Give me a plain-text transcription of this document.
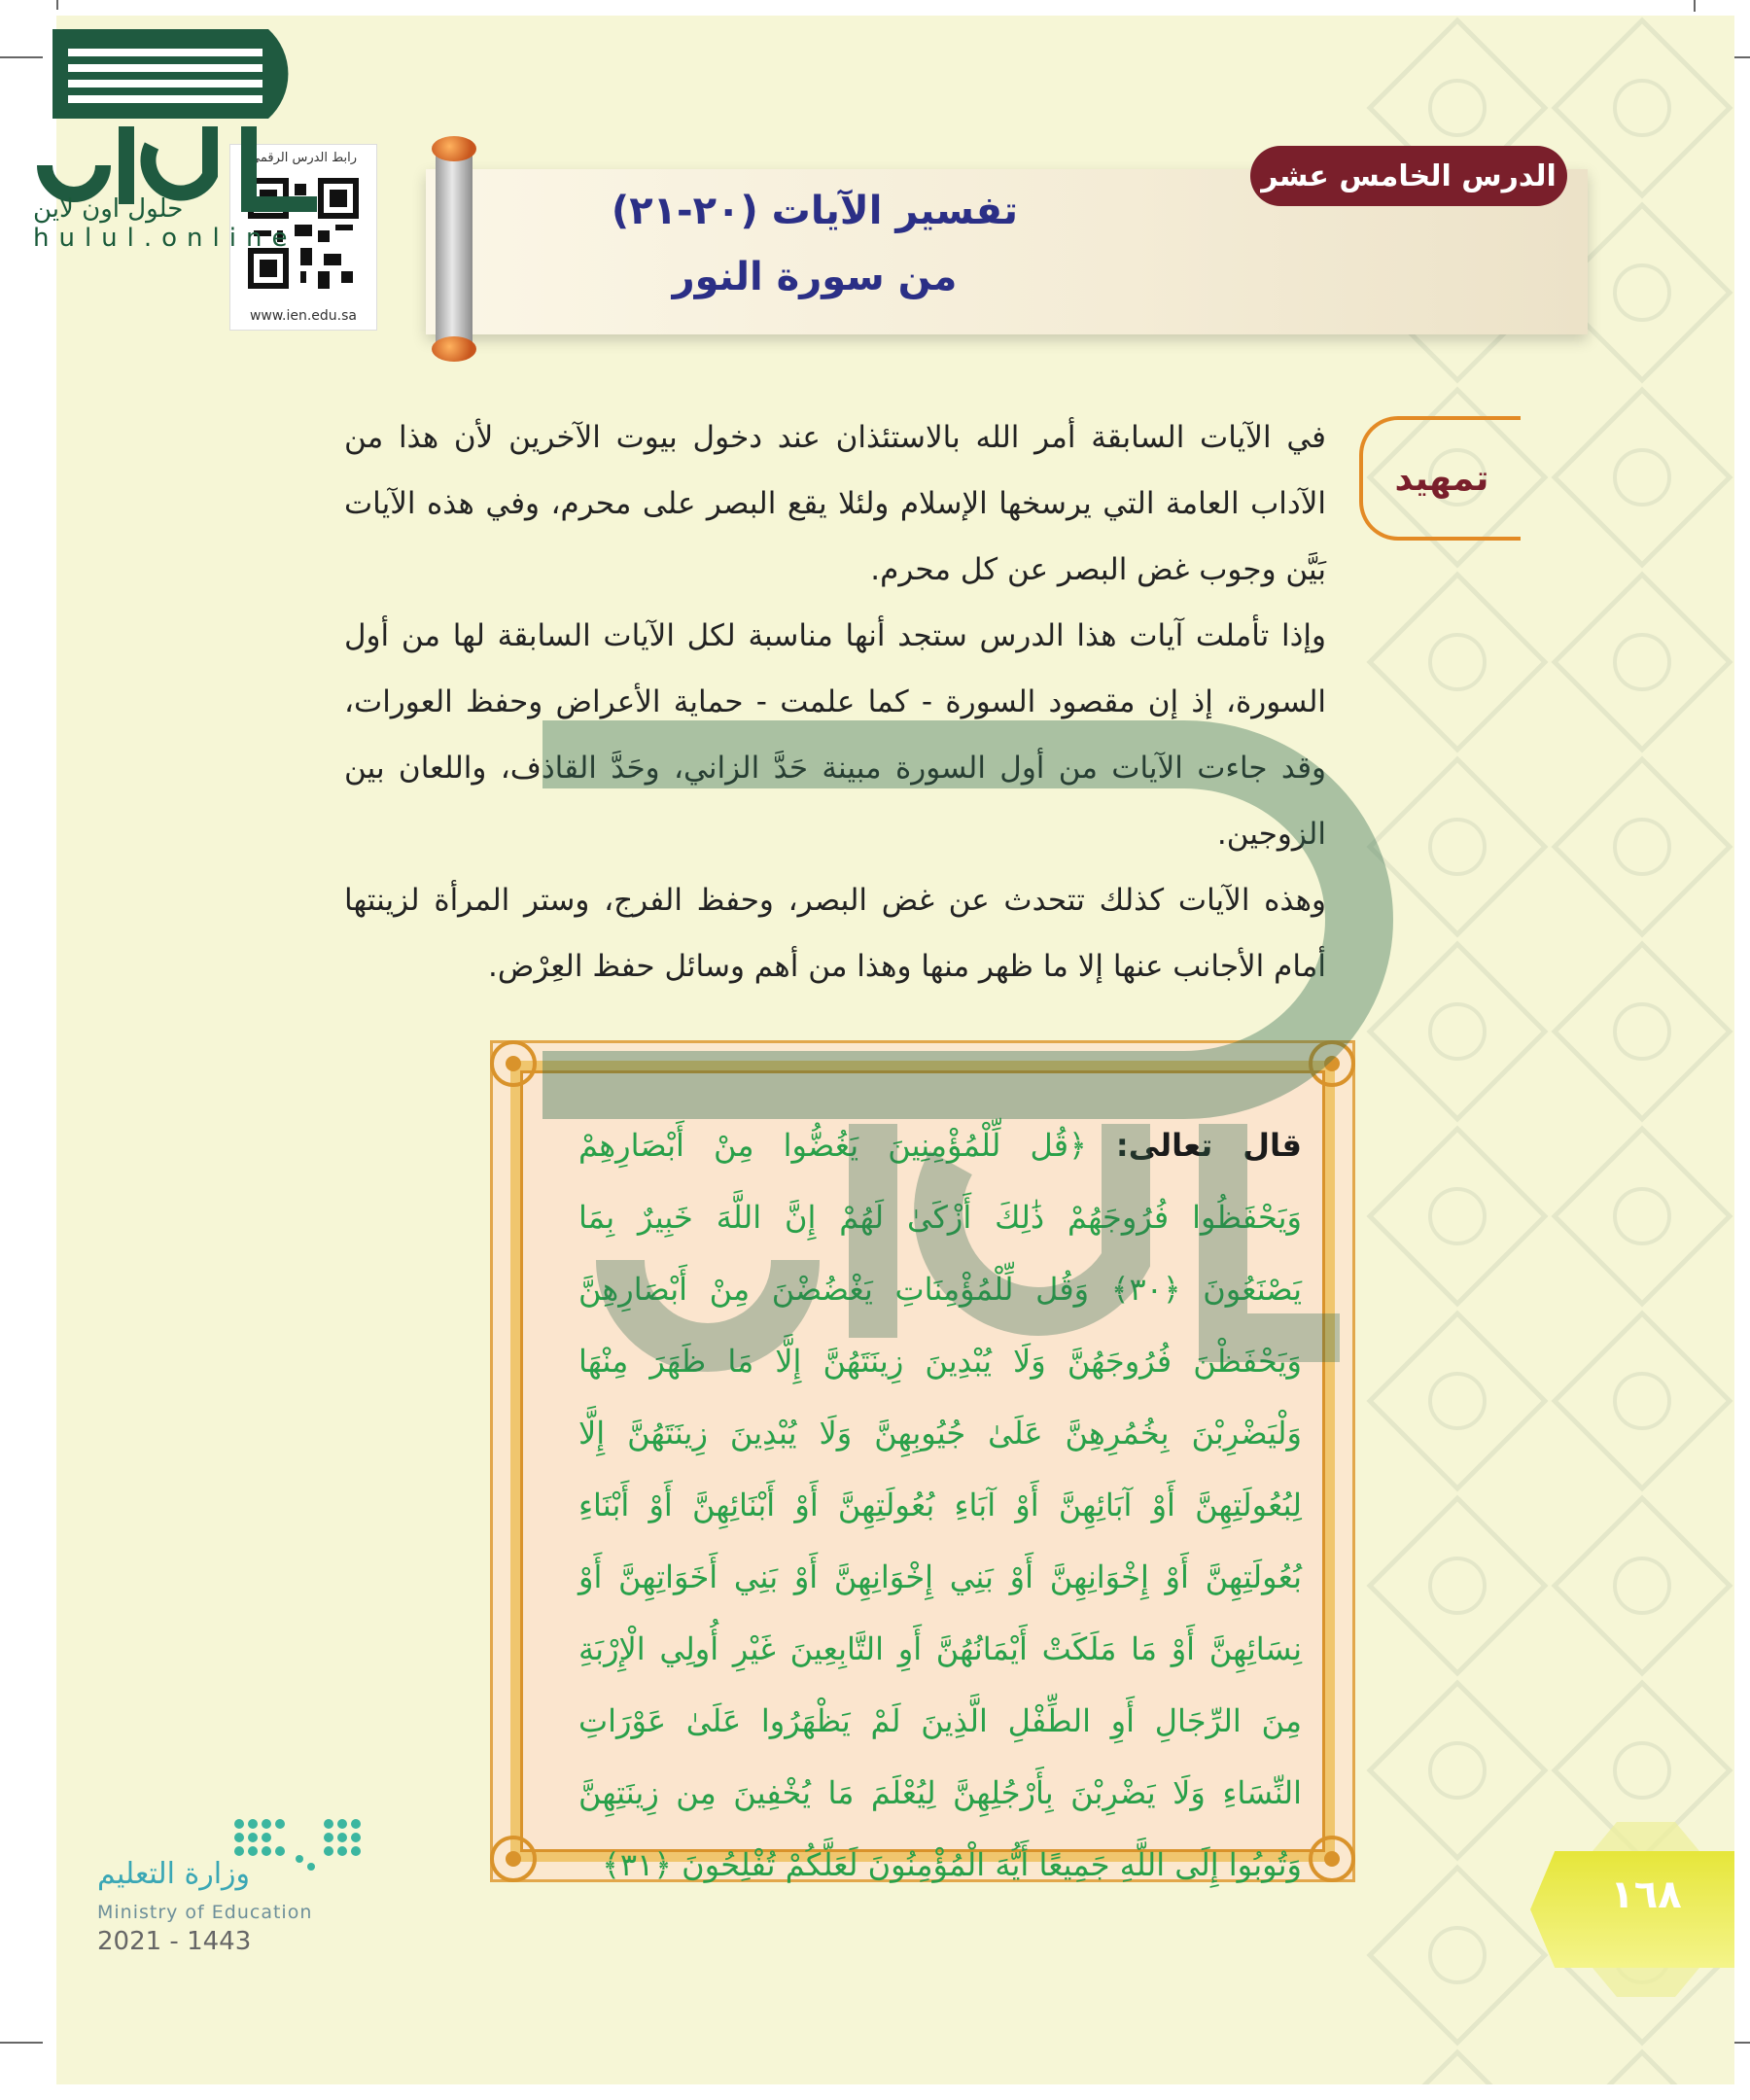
الدرس الخامس عشر
تفسير الآيات (٢٠-٢١)
من سورة النور
رابط الدرس الرقمي
www.ien.edu.sa
تمهيد

في الآيات السابقة أمر الله بالاستئذان عند دخول بيوت الآخرين لأن هذا من الآداب العامة التي يرسخها الإسلام ولئلا يقع البصر على محرم، وفي هذه الآيات بَيَّن وجوب غض البصر عن كل محرم.

وإذا تأملت آيات هذا الدرس ستجد أنها مناسبة لكل الآيات السابقة لها من أول السورة، إذ إن مقصود السورة - كما علمت - حماية الأعراض وحفظ العورات، وقد جاءت الآيات من أول السورة مبينة حَدَّ الزاني، وحَدَّ القاذف، واللعان بين الزوجين.

وهذه الآيات كذلك تتحدث عن غض البصر، وحفظ الفرج، وستر المرأة لزينتها أمام الأجانب عنها إلا ما ظهر منها وهذا من أهم وسائل حفظ العِرْض.

قال تعالى: ﴿قُل لِّلْمُؤْمِنِينَ يَغُضُّوا مِنْ أَبْصَارِهِمْ وَيَحْفَظُوا فُرُوجَهُمْ ذَٰلِكَ أَزْكَىٰ لَهُمْ إِنَّ اللَّهَ خَبِيرٌ بِمَا يَصْنَعُونَ ﴿٣٠﴾ وَقُل لِّلْمُؤْمِنَاتِ يَغْضُضْنَ مِنْ أَبْصَارِهِنَّ وَيَحْفَظْنَ فُرُوجَهُنَّ وَلَا يُبْدِينَ زِينَتَهُنَّ إِلَّا مَا ظَهَرَ مِنْهَا وَلْيَضْرِبْنَ بِخُمُرِهِنَّ عَلَىٰ جُيُوبِهِنَّ وَلَا يُبْدِينَ زِينَتَهُنَّ إِلَّا لِبُعُولَتِهِنَّ أَوْ آبَائِهِنَّ أَوْ آبَاءِ بُعُولَتِهِنَّ أَوْ أَبْنَائِهِنَّ أَوْ أَبْنَاءِ بُعُولَتِهِنَّ أَوْ إِخْوَانِهِنَّ أَوْ بَنِي إِخْوَانِهِنَّ أَوْ بَنِي أَخَوَاتِهِنَّ أَوْ نِسَائِهِنَّ أَوْ مَا مَلَكَتْ أَيْمَانُهُنَّ أَوِ التَّابِعِينَ غَيْرِ أُولِي الْإِرْبَةِ مِنَ الرِّجَالِ أَوِ الطِّفْلِ الَّذِينَ لَمْ يَظْهَرُوا عَلَىٰ عَوْرَاتِ النِّسَاءِ وَلَا يَضْرِبْنَ بِأَرْجُلِهِنَّ لِيُعْلَمَ مَا يُخْفِينَ مِن زِينَتِهِنَّ وَتُوبُوا إِلَى اللَّهِ جَمِيعًا أَيُّهَ الْمُؤْمِنُونَ لَعَلَّكُمْ تُفْلِحُونَ ﴿٣١﴾
وزارة التعليم
Ministry of Education
2021 - 1443
١٦٨
حلول اون لاين
hulul.online
